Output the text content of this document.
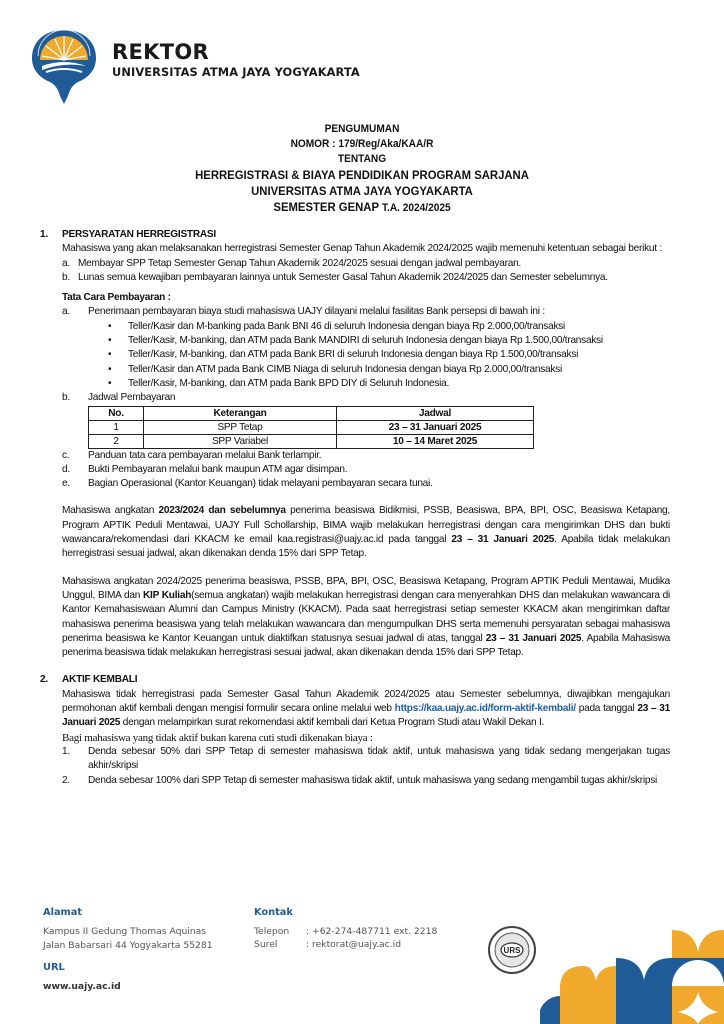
REKTOR
UNIVERSITAS ATMA JAYA YOGYAKARTA
PENGUMUMAN
NOMOR : 179/Reg/Aka/KAA/R
TENTANG
HERREGISTRASI & BIAYA PENDIDIKAN PROGRAM SARJANA
UNIVERSITAS ATMA JAYA YOGYAKARTA
SEMESTER GENAP T.A. 2024/2025
1. PERSYARATAN HERREGISTRASI
Mahasiswa yang akan melaksanakan herregistrasi Semester Genap Tahun Akademik 2024/2025 wajib memenuhi ketentuan sebagai berikut :
a. Membayar SPP Tetap Semester Genap Tahun Akademik 2024/2025 sesuai dengan jadwal pembayaran.
b. Lunas semua kewajiban pembayaran lainnya untuk Semester Gasal Tahun Akademik 2024/2025 dan Semester sebelumnya.
Tata Cara Pembayaran :
a. Penerimaan pembayaran biaya studi mahasiswa UAJY dilayani melalui fasilitas Bank persepsi di bawah ini :
• Teller/Kasir dan M-banking pada Bank BNI 46 di seluruh Indonesia dengan biaya Rp 2.000,00/transaksi
• Teller/Kasir, M-banking, dan ATM pada Bank MANDIRI di seluruh Indonesia dengan biaya Rp 1.500,00/transaksi
• Teller/Kasir, M-banking, dan ATM pada Bank BRI di seluruh Indonesia dengan biaya Rp 1.500,00/transaksi
• Teller/Kasir dan ATM pada Bank CIMB Niaga di seluruh Indonesia dengan biaya Rp 2.000,00/transaksi
• Teller/Kasir, M-banking, dan ATM pada Bank BPD DIY di Seluruh Indonesia.
b. Jadwal Pembayaran
No.	Keterangan	Jadwal
1	SPP Tetap	23 – 31 Januari 2025
2	SPP Variabel	10 – 14 Maret 2025
c. Panduan tata cara pembayaran melalui Bank terlampir.
d. Bukti Pembayaran melalui bank maupun ATM agar disimpan.
e. Bagian Operasional (Kantor Keuangan) tidak melayani pembayaran secara tunai.
Mahasiswa angkatan 2023/2024 dan sebelumnya penerima beasiswa Bidikmisi, PSSB, Beasiswa, BPA, BPI, OSC, Beasiswa Ketapang, Program APTIK Peduli Mentawai, UAJY Full Schollarship, BIMA wajib melakukan herregistrasi dengan cara mengirimkan DHS dan bukti wawancara/rekomendasi dari KKACM ke email kaa.registrasi@uajy.ac.id pada tanggal 23 – 31 Januari 2025. Apabila tidak melakukan herregistrasi sesuai jadwal, akan dikenakan denda 15% dari SPP Tetap.
Mahasiswa angkatan 2024/2025 penerima beasiswa, PSSB, BPA, BPI, OSC, Beasiswa Ketapang, Program APTIK Peduli Mentawai, Mudika Unggul, BIMA dan KIP Kuliah(semua angkatan) wajib melakukan herregistrasi dengan cara menyerahkan DHS dan melakukan wawancara di Kantor Kemahasiswaan Alumni dan Campus Ministry (KKACM). Pada saat herregistrasi setiap semester KKACM akan mengirimkan daftar mahasiswa penerima beasiswa yang telah melakukan wawancara dan mengumpulkan DHS serta memenuhi persyaratan sebagai mahasiswa penerima beasiswa ke Kantor Keuangan untuk diaktifkan statusnya sesuai jadwal di atas, tanggal 23 – 31 Januari 2025. Apabila Mahasiswa penerima beasiswa tidak melakukan herregistrasi sesuai jadwal, akan dikenakan denda 15% dari SPP Tetap.
2. AKTIF KEMBALI
Mahasiswa tidak herregistrasi pada Semester Gasal Tahun Akademik 2024/2025 atau Semester sebelumnya, diwajibkan mengajukan permohonan aktif kembali dengan mengisi formulir secara online melalui web https://kaa.uajy.ac.id/form-aktif-kembali/ pada tanggal 23 – 31 Januari 2025 dengan melampirkan surat rekomendasi aktif kembali dari Ketua Program Studi atau Wakil Dekan I.
Bagi mahasiswa yang tidak aktif bukan karena cuti studi dikenakan biaya :
1. Denda sebesar 50% dari SPP Tetap di semester mahasiswa tidak aktif, untuk mahasiswa yang tidak sedang mengerjakan tugas akhir/skripsi
2. Denda sebesar 100% dari SPP Tetap di semester mahasiswa tidak aktif, untuk mahasiswa yang sedang mengambil tugas akhir/skripsi
Alamat
Kampus II Gedung Thomas Aquinas
Jalan Babarsari 44 Yogyakarta 55281
URL
www.uajy.ac.id
Kontak
Telepon	: +62-274-487711 ext. 2218
Surel	: rektorat@uajy.ac.id
URS
